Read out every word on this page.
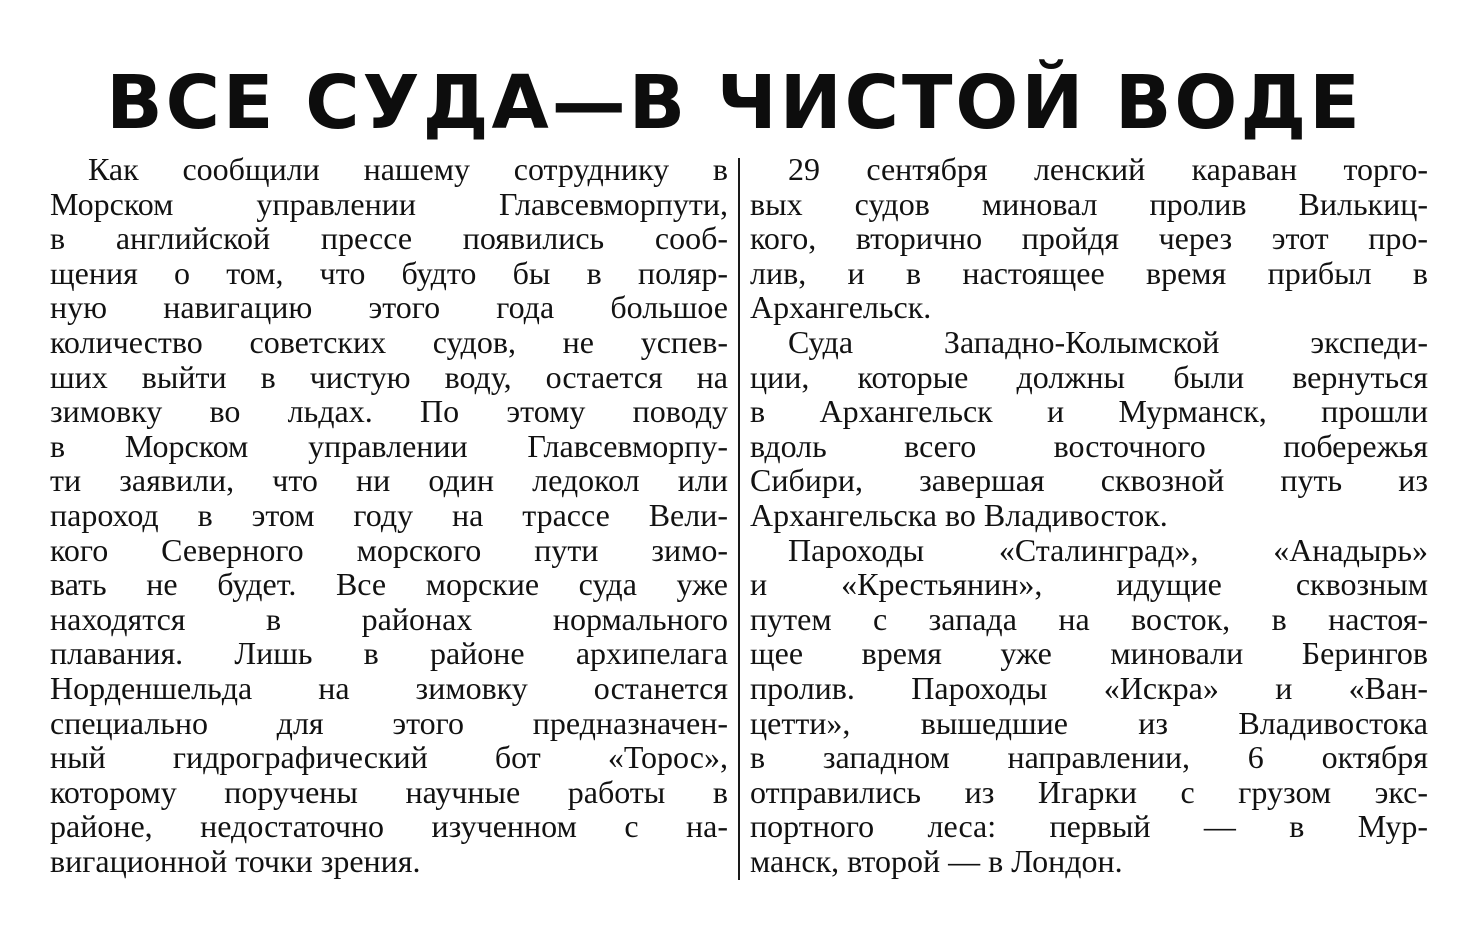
ВСЕ СУДА—В ЧИСТОЙ ВОДЕ
Как сообщили нашему сотруднику в
Морском управлении Главсевморпути,
в английской прессе появились сооб-
щения о том, что будто бы в поляр-
ную навигацию этого года большое
количество советских судов, не успев-
ших выйти в чистую воду, остается на
зимовку во льдах. По этому поводу
в Морском управлении Главсевморпу-
ти заявили, что ни один ледокол или
пароход в этом году на трассе Вели-
кого Северного морского пути зимо-
вать не будет. Все морские суда уже
находятся в районах нормального
плавания. Лишь в районе архипелага
Норденшельда на зимовку останется
специально для этого предназначен-
ный гидрографический бот «Торос»,
которому поручены научные работы в
районе, недостаточно изученном с на-
вигационной точки зрения.
29 сентября ленский караван торго-
вых судов миновал пролив Вилькиц-
кого, вторично пройдя через этот про-
лив, и в настоящее время прибыл в
Архангельск.
Суда Западно-Колымской экспеди-
ции, которые должны были вернуться
в Архангельск и Мурманск, прошли
вдоль всего восточного побережья
Сибири, завершая сквозной путь из
Архангельска во Владивосток.
Пароходы «Сталинград», «Анадырь»
и «Крестьянин», идущие сквозным
путем с запада на восток, в настоя-
щее время уже миновали Берингов
пролив. Пароходы «Искра» и «Ван-
цетти», вышедшие из Владивостока
в западном направлении, 6 октября
отправились из Игарки с грузом экс-
портного леса: первый — в Мур-
манск, второй — в Лондон.
